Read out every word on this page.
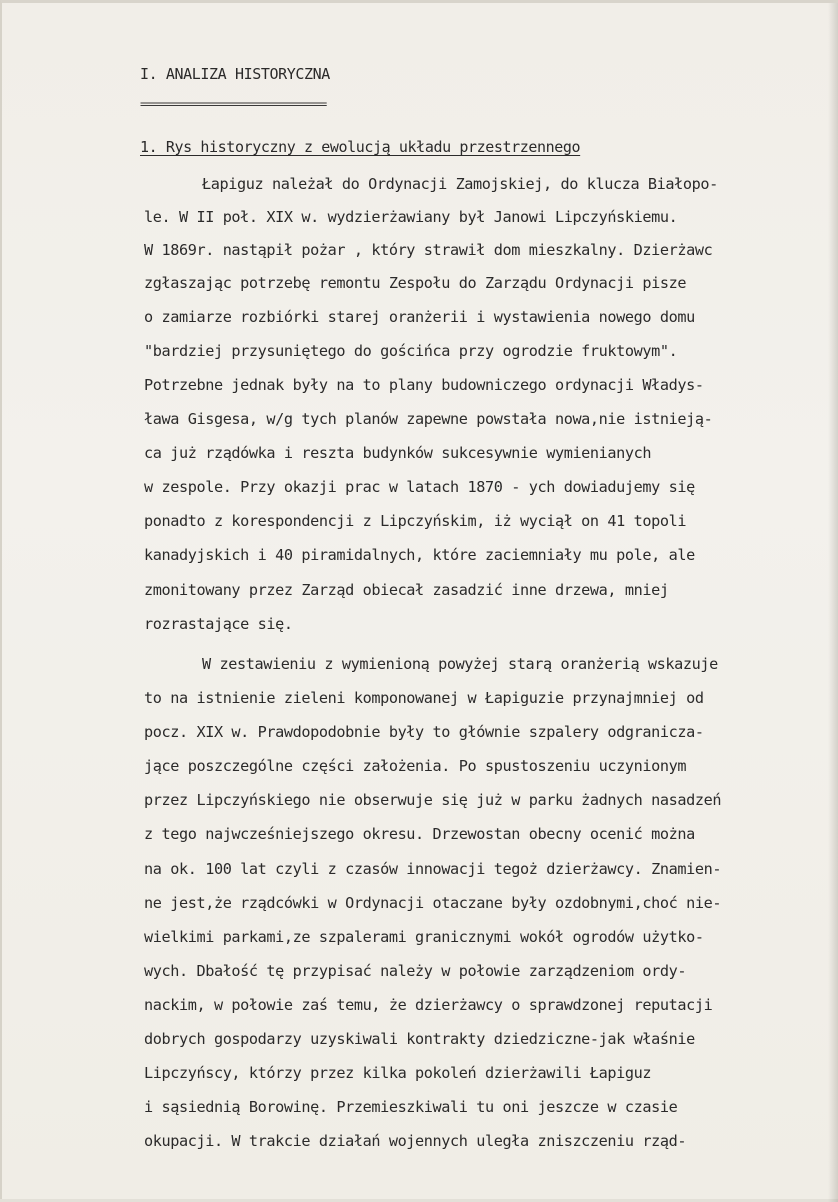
I. ANALIZA HISTORYCZNA
=================================
1. Rys historyczny z ewolucją układu przestrzennego
Łapiguz należał do Ordynacji Zamojskiej, do klucza Białopo-
le. W II poł. XIX w. wydzierżawiany był Janowi Lipczyńskiemu.
W 1869r. nastąpił pożar , który strawił dom mieszkalny. Dzierżawc
zgłaszając potrzebę remontu Zespołu do Zarządu Ordynacji pisze
o zamiarze rozbiórki starej oranżerii i wystawienia nowego domu
"bardziej przysuniętego do gościńca przy ogrodzie fruktowym".
Potrzebne jednak były na to plany budowniczego ordynacji Władys-
ława Gisgesa, w/g tych planów zapewne powstała nowa,nie istnieją-
ca już rządówka i reszta budynków sukcesywnie wymienianych
w zespole. Przy okazji prac w latach 1870 - ych dowiadujemy się
ponadto z korespondencji z Lipczyńskim, iż wyciął on 41 topoli
kanadyjskich i 40 piramidalnych, które zaciemniały mu pole, ale
zmonitowany przez Zarząd obiecał zasadzić inne drzewa, mniej
rozrastające się.
W zestawieniu z wymienioną powyżej starą oranżerią wskazuje
to na istnienie zieleni komponowanej w Łapiguzie przynajmniej od
pocz. XIX w. Prawdopodobnie były to głównie szpalery odgranicza-
jące poszczególne części założenia. Po spustoszeniu uczynionym
przez Lipczyńskiego nie obserwuje się już w parku żadnych nasadzeń
z tego najwcześniejszego okresu. Drzewostan obecny ocenić można
na ok. 100 lat czyli z czasów innowacji tegoż dzierżawcy. Znamien-
ne jest,że rządcówki w Ordynacji otaczane były ozdobnymi,choć nie-
wielkimi parkami,ze szpalerami granicznymi wokół ogrodów użytko-
wych. Dbałość tę przypisać należy w połowie zarządzeniom ordy-
nackim, w połowie zaś temu, że dzierżawcy o sprawdzonej reputacji
dobrych gospodarzy uzyskiwali kontrakty dziedziczne-jak właśnie
Lipczyńscy, którzy przez kilka pokoleń dzierżawili Łapiguz
i sąsiednią Borowinę. Przemieszkiwali tu oni jeszcze w czasie
okupacji. W trakcie działań wojennych uległa zniszczeniu rząd-
